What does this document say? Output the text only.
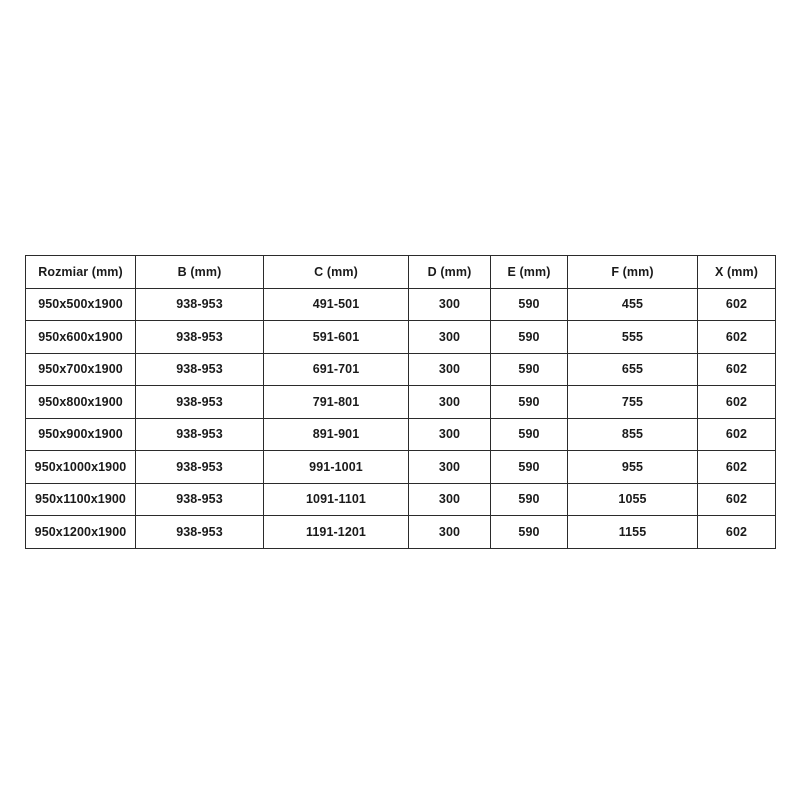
Rozmiar (mm)	B (mm)	C (mm)	D (mm)	E (mm)	F (mm)	X (mm)
950x500x1900	938-953	491-501	300	590	455	602
950x600x1900	938-953	591-601	300	590	555	602
950x700x1900	938-953	691-701	300	590	655	602
950x800x1900	938-953	791-801	300	590	755	602
950x900x1900	938-953	891-901	300	590	855	602
950x1000x1900	938-953	991-1001	300	590	955	602
950x1100x1900	938-953	1091-1101	300	590	1055	602
950x1200x1900	938-953	1191-1201	300	590	1155	602
